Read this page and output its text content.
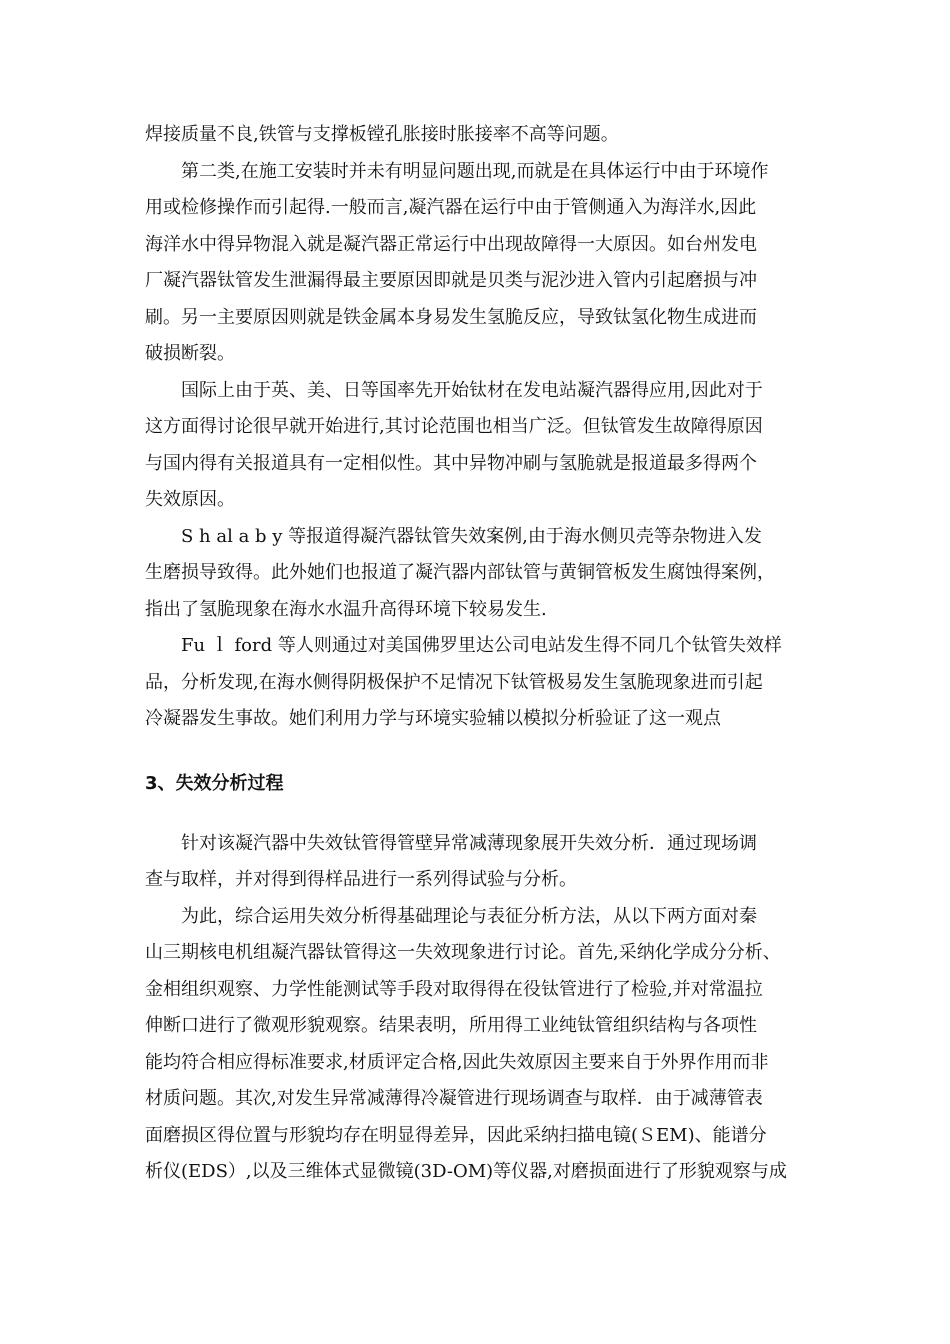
焊接质量不良,铁管与支撑板镗孔胀接时胀接率不高等问题。
第二类,在施工安装时并未有明显问题出现,而就是在具体运行中由于环境作
用或检修操作而引起得.一般而言,凝汽器在运行中由于管侧通入为海洋水,因此
海洋水中得异物混入就是凝汽器正常运行中出现故障得一大原因。如台州发电
厂凝汽器钛管发生泄漏得最主要原因即就是贝类与泥沙进入管内引起磨损与冲
刷。另一主要原因则就是铁金属本身易发生氢脆反应，导致钛氢化物生成进而
破损断裂。
国际上由于英、美、日等国率先开始钛材在发电站凝汽器得应用,因此对于
这方面得讨论很早就开始进行,其讨论范围也相当广泛。但钛管发生故障得原因
与国内得有关报道具有一定相似性。其中异物冲刷与氢脆就是报道最多得两个
失效原因。
S h al a b y 等报道得凝汽器钛管失效案例,由于海水侧贝壳等杂物进入发
生磨损导致得。此外她们也报道了凝汽器内部钛管与黄铜管板发生腐蚀得案例，
指出了氢脆现象在海水水温升高得环境下较易发生.
Fu ｌ ford 等人则通过对美国佛罗里达公司电站发生得不同几个钛管失效样
品，分析发现,在海水侧得阴极保护不足情况下钛管极易发生氢脆现象进而引起
冷凝器发生事故。她们利用力学与环境实验辅以模拟分析验证了这一观点
3、失效分析过程
针对该凝汽器中失效钛管得管壁异常减薄现象展开失效分析．通过现场调
查与取样，并对得到得样品进行一系列得试验与分析。
为此，综合运用失效分析得基础理论与表征分析方法，从以下两方面对秦
山三期核电机组凝汽器钛管得这一失效现象进行讨论。首先,采纳化学成分分析、
金相组织观察、力学性能测试等手段对取得得在役钛管进行了检验,并对常温拉
伸断口进行了微观形貌观察。结果表明，所用得工业纯钛管组织结构与各项性
能均符合相应得标准要求,材质评定合格,因此失效原因主要来自于外界作用而非
材质问题。其次,对发生异常减薄得冷凝管进行现场调查与取样．由于减薄管表
面磨损区得位置与形貌均存在明显得差异，因此采纳扫描电镜(ＳEM)、能谱分
析仪(EDS）,以及三维体式显微镜(3D-OM)等仪器,对磨损面进行了形貌观察与成
